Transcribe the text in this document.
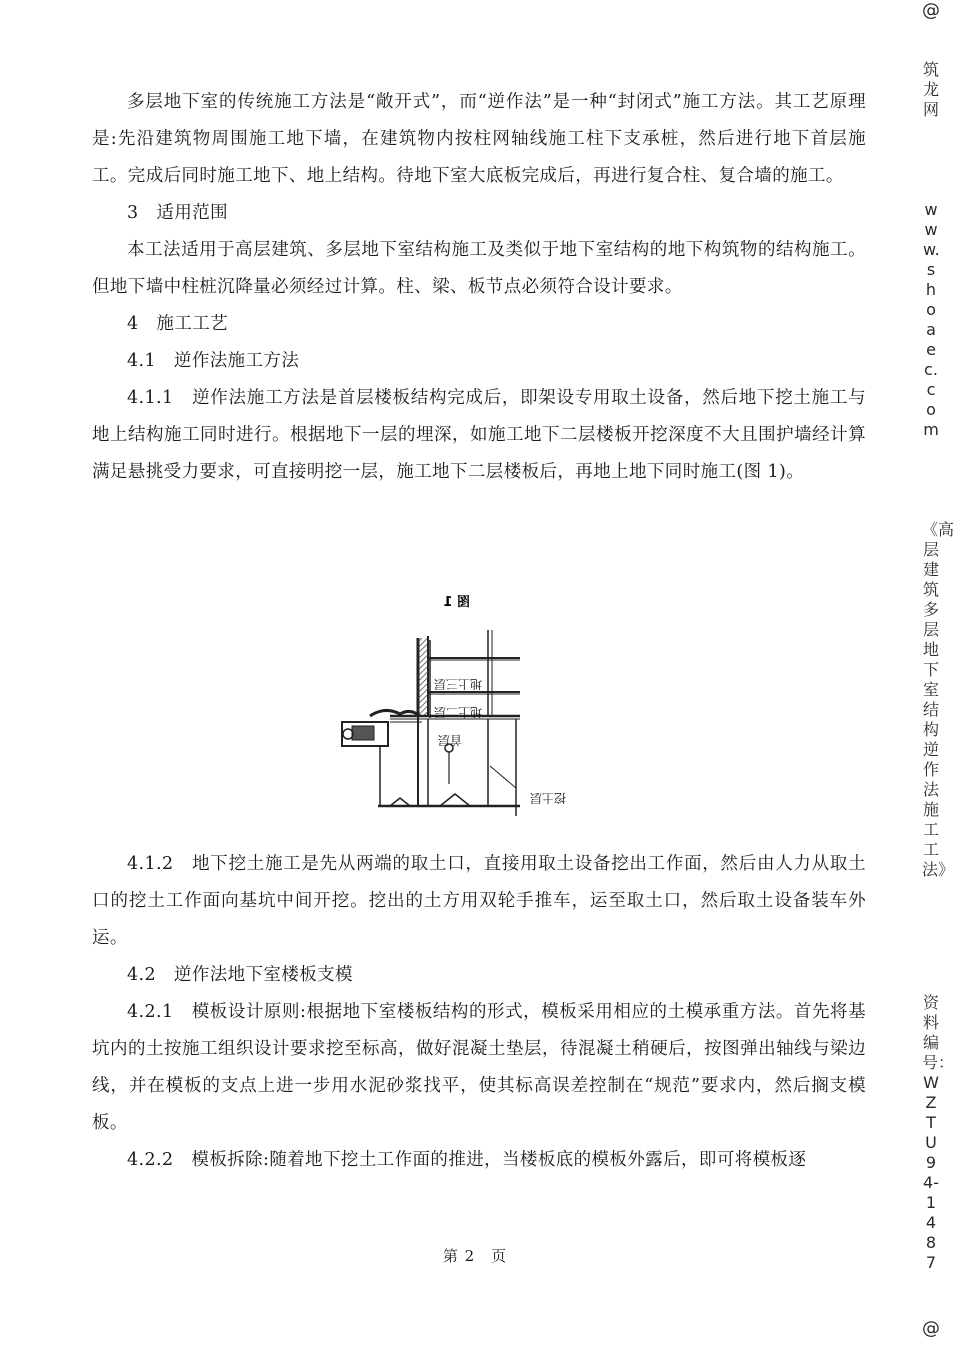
多层地下室的传统施工方法是“敞开式”，而“逆作法”是一种“封闭式”施工方法。其工艺原理是:先沿建筑物周围施工地下墙，在建筑物内按柱网轴线施工柱下支承桩，然后进行地下首层施工。完成后同时施工地下、地上结构。待地下室大底板完成后，再进行复合柱、复合墙的施工。

3　适用范围

本工法适用于高层建筑、多层地下室结构施工及类似于地下室结构的地下构筑物的结构施工。但地下墙中柱桩沉降量必须经过计算。柱、梁、板节点必须符合设计要求。

4　施工工艺

4.1　逆作法施工方法

4.1.1　逆作法施工方法是首层楼板结构完成后，即架设专用取土设备，然后地下挖土施工与地上结构施工同时进行。根据地下一层的埋深，如施工地下二层楼板开挖深度不大且围护墙经计算满足悬挑受力要求，可直接明挖一层，施工地下二层楼板后，再地上地下同时施工(图 1)。

图 1
地上三层
地上二层
首层
挖土层

4.1.2　地下挖土施工是先从两端的取土口，直接用取土设备挖出工作面，然后由人力从取土口的挖土工作面向基坑中间开挖。挖出的土方用双轮手推车，运至取土口，然后取土设备装车外运。

4.2　逆作法地下室楼板支模

4.2.1　模板设计原则:根据地下室楼板结构的形式，模板采用相应的土模承重方法。首先将基坑内的土按施工组织设计要求挖至标高，做好混凝土垫层，待混凝土稍硬后，按图弹出轴线与梁边线，并在模板的支点上进一步用水泥砂浆找平，使其标高误差控制在“规范”要求内，然后搁支模板。

4.2.2　模板拆除:随着地下挖土工作面的推进，当楼板底的模板外露后，即可将模板逐

第 2　页
@
筑龙网
www.shoaec.com
《高层建筑多层地下室结构逆作法施工工法》
资料编号：WZTU94-1487
@
